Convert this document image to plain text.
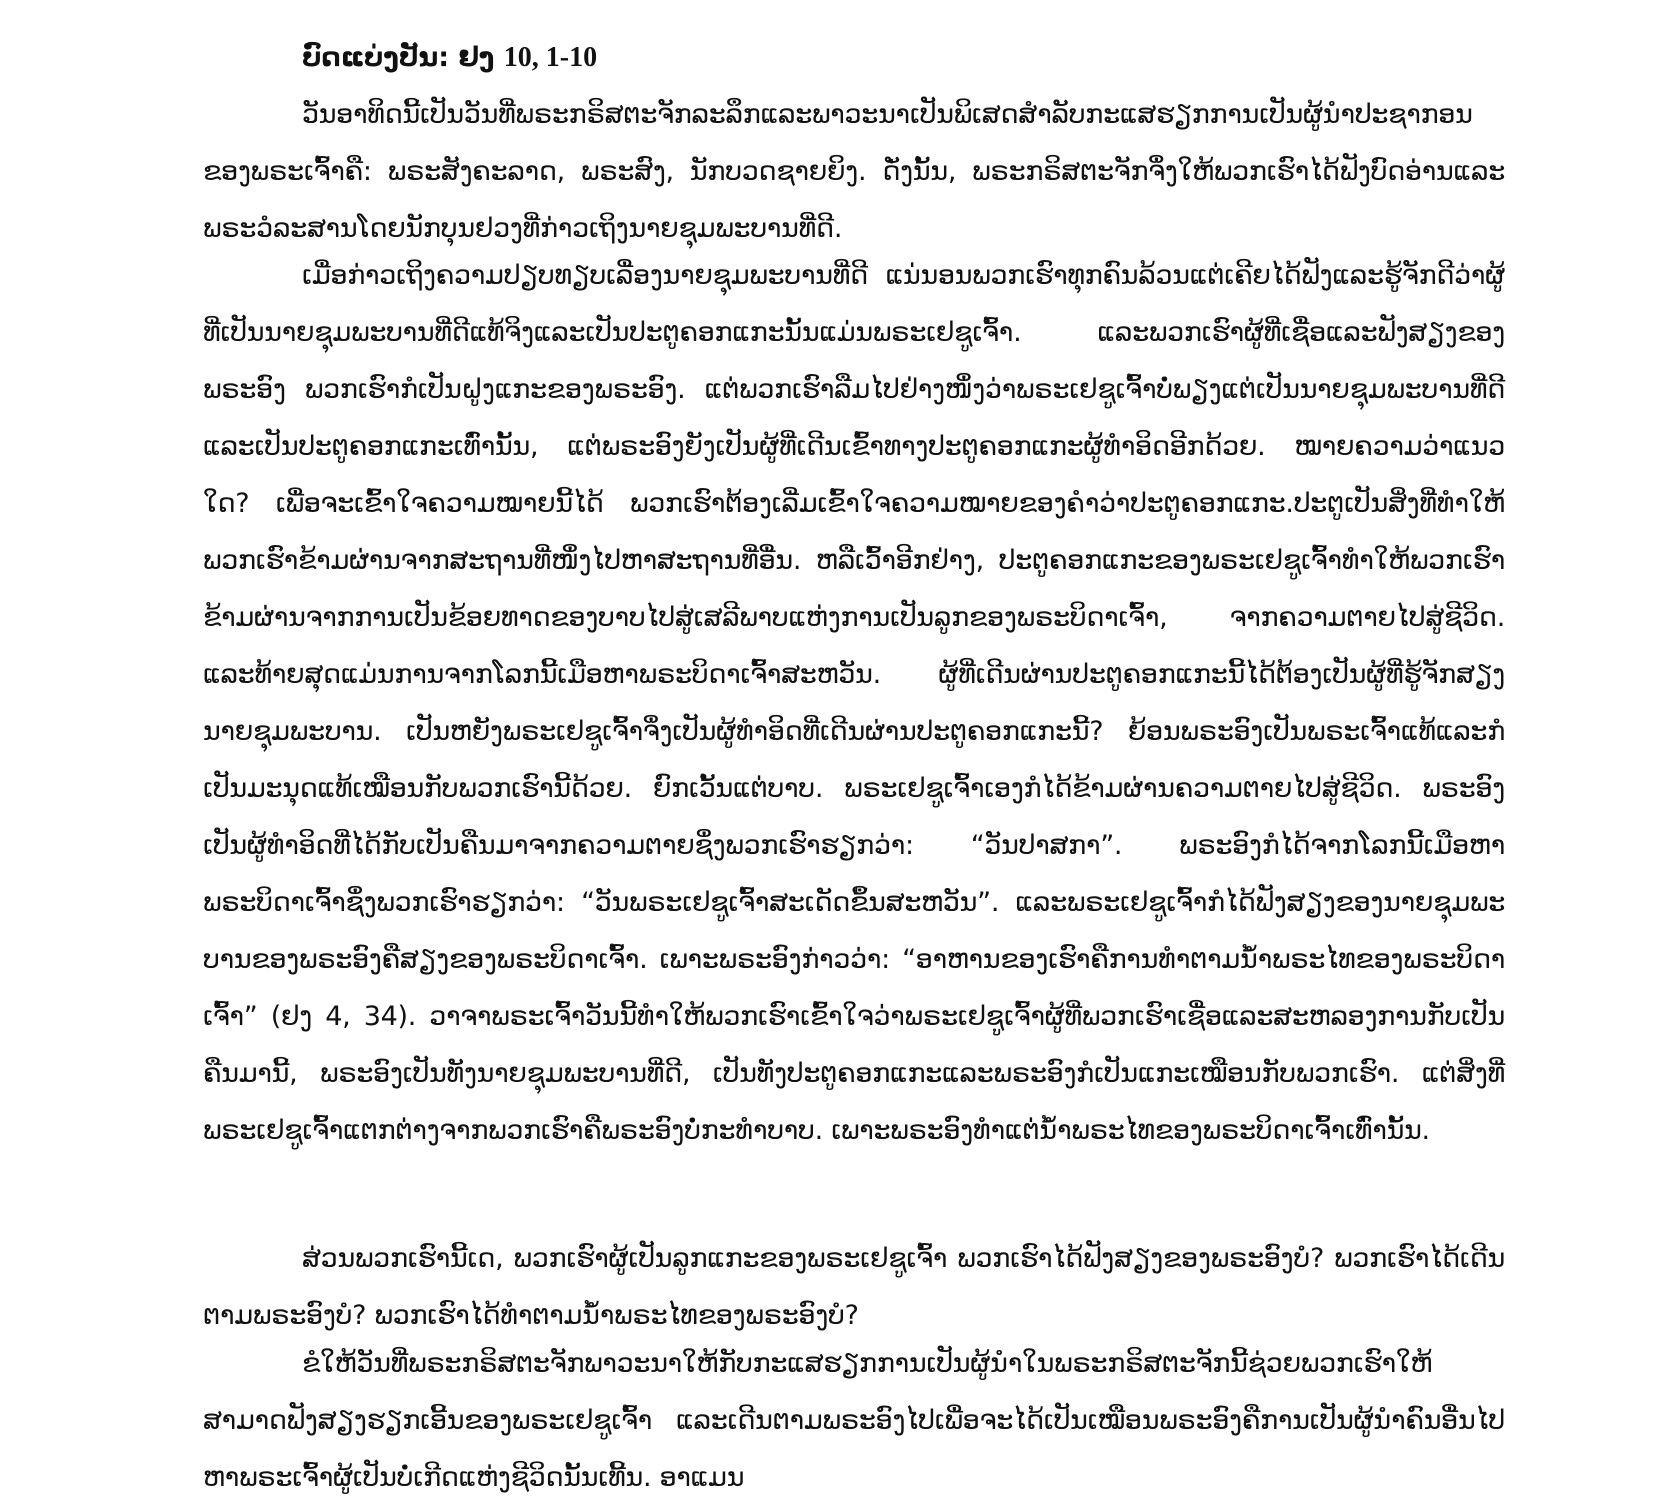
ບົດແບ່ງປັນ: ຢງ 10, 1-10

ວັນອາທິດນີ້ເປັນວັນທີ່ພຣະກຣິສຕະຈັກລະລຶກແລະພາວະນາເປັນພິເສດສຳລັບກະແສຮຽກການເປັນຜູ້ນຳປະຊາກອນຂອງພຣະເຈົ້າຄື: ພຣະສັງຄະລາດ, ພຣະສົງ, ນັກບວດຊາຍຍິງ. ດັ່ງນັ້ນ, ພຣະກຣິສຕະຈັກຈຶ່ງໃຫ້ພວກເຮົາໄດ້ຟັງບົດອ່ານແລະພຣະວໍລະສານໂດຍນັກບຸນຢວງທີ່ກ່າວເຖິງນາຍຊຸມພະບານທີ່ດີ.

ເມື່ອກ່າວເຖິງຄວາມປຽບທຽບເລື່ອງນາຍຊຸມພະບານທີ່ດີ ແນ່ນອນພວກເຮົາທຸກຄົນລ້ວນແຕ່ເຄີຍໄດ້ຟັງແລະຮູ້ຈັກດີວ່າຜູ້ທີ່ເປັນນາຍຊຸມພະບານທີ່ດີແທ້ຈິງແລະເປັນປະຕູຄອກແກະນັ້ນແມ່ນພຣະເຢຊູເຈົ້າ. ແລະພວກເຮົາຜູ້ທີ່ເຊື່ອແລະຟັງສຽງຂອງພຣະອົງ ພວກເຮົາກໍເປັນຝູງແກະຂອງພຣະອົງ. ແຕ່ພວກເຮົາລືມໄປຢ່າງໜຶ່ງວ່າພຣະເຢຊູເຈົ້າບໍ່ພຽງແຕ່ເປັນນາຍຊຸມພະບານທີ່ດີແລະເປັນປະຕູຄອກແກະເທົ່ານັ້ນ, ແຕ່ພຣະອົງຍັງເປັນຜູ້ທີ່ເດີນເຂົ້າທາງປະຕູຄອກແກະຜູ້ທຳອິດອີກດ້ວຍ. ໝາຍຄວາມວ່າແນວໃດ? ເພື່ອຈະເຂົ້າໃຈຄວາມໝາຍນີ້ໄດ້ ພວກເຮົາຕ້ອງເລີ່ມເຂົ້າໃຈຄວາມໝາຍຂອງຄຳວ່າປະຕູຄອກແກະ.ປະຕູເປັນສິ່ງທີ່ທຳໃຫ້ພວກເຮົາຂ້າມຜ່ານຈາກສະຖານທີ່ໜຶ່ງໄປຫາສະຖານທີ່ອື່ນ. ຫລືເວົ້າອີກຢ່າງ, ປະຕູຄອກແກະຂອງພຣະເຢຊູເຈົ້າທຳໃຫ້ພວກເຮົາຂ້າມຜ່ານຈາກການເປັນຂ້ອຍທາດຂອງບາບໄປສູ່ເສລີພາບແຫ່ງການເປັນລູກຂອງພຣະບິດາເຈົ້າ, ຈາກຄວາມຕາຍໄປສູ່ຊີວິດ. ແລະທ້າຍສຸດແມ່ນການຈາກໂລກນີ້ເມືອຫາພຣະບິດາເຈົ້າສະຫວັນ. ຜູ້ທີ່ເດີນຜ່ານປະຕູຄອກແກະນີ້ໄດ້ຕ້ອງເປັນຜູ້ທີ່ຮູ້ຈັກສຽງນາຍຊຸມພະບານ. ເປັນຫຍັງພຣະເຢຊູເຈົ້າຈຶ່ງເປັນຜູ້ທຳອິດທີ່ເດີນຜ່ານປະຕູຄອກແກະນີ້? ຍ້ອນພຣະອົງເປັນພຣະເຈົ້າແທ້ແລະກໍເປັນມະນຸດແທ້ເໝືອນກັບພວກເຮົານີ້ດ້ວຍ. ຍົກເວັ້ນແຕ່ບາບ. ພຣະເຢຊູເຈົ້າເອງກໍໄດ້ຂ້າມຜ່ານຄວາມຕາຍໄປສູ່ຊີວິດ. ພຣະອົງເປັນຜູ້ທຳອິດທີ່ໄດ້ກັບເປັນຄືນມາຈາກຄວາມຕາຍຊຶ່ງພວກເຮົາຮຽກວ່າ: “ວັນປາສກາ”. ພຣະອົງກໍໄດ້ຈາກໂລກນີ້ເມືອຫາພຣະບິດາເຈົ້າຊຶ່ງພວກເຮົາຮຽກວ່າ: “ວັນພຣະເຢຊູເຈົ້າສະເດັດຂຶ້ນສະຫວັນ”. ແລະພຣະເຢຊູເຈົ້າກໍໄດ້ຟັງສຽງຂອງນາຍຊຸມພະບານຂອງພຣະອົງຄືສຽງຂອງພຣະບິດາເຈົ້າ. ເພາະພຣະອົງກ່າວວ່າ: “ອາຫານຂອງເຮົາຄືການທຳຕາມນ້ຳພຣະໄທຂອງພຣະບິດາເຈົ້າ” (ຢງ 4, 34). ວາຈາພຣະເຈົ້າວັນນີ້ທຳໃຫ້ພວກເຮົາເຂົ້າໃຈວ່າພຣະເຢຊູເຈົ້າຜູ້ທີ່ພວກເຮົາເຊື່ອແລະສະຫລອງການກັບເປັນຄືນມານີ້, ພຣະອົງເປັນທັງນາຍຊຸມພະບານທີ່ດີ, ເປັນທັງປະຕູຄອກແກະແລະພຣະອົງກໍເປັນແກະເໝືອນກັບພວກເຮົາ. ແຕ່ສິ່ງທີ່ພຣະເຢຊູເຈົ້າແຕກຕ່າງຈາກພວກເຮົາຄືພຣະອົງບໍ່ກະທຳບາບ. ເພາະພຣະອົງທຳແຕ່ນ້ຳພຣະໄທຂອງພຣະບິດາເຈົ້າເທົ່ານັ້ນ.

ສ່ວນພວກເຮົານີ້ເດ, ພວກເຮົາຜູ້ເປັນລູກແກະຂອງພຣະເຢຊູເຈົ້າ ພວກເຮົາໄດ້ຟັງສຽງຂອງພຣະອົງບໍ? ພວກເຮົາໄດ້ເດີນຕາມພຣະອົງບໍ? ພວກເຮົາໄດ້ທຳຕາມນ້ຳພຣະໄທຂອງພຣະອົງບໍ?

ຂໍໃຫ້ວັນທີ່ພຣະກຣິສຕະຈັກພາວະນາໃຫ້ກັບກະແສຮຽກການເປັນຜູ້ນຳໃນພຣະກຣິສຕະຈັກນີ້ຊ່ວຍພວກເຮົາໃຫ້ສາມາດຟັງສຽງຮຽກເອີ້ນຂອງພຣະເຢຊູເຈົ້າ ແລະເດີນຕາມພຣະອົງໄປເພື່ອຈະໄດ້ເປັນເໝືອນພຣະອົງຄືການເປັນຜູ້ນຳຄົນອື່ນໄປຫາພຣະເຈົ້າຜູ້ເປັນບໍ່ເກີດແຫ່ງຊີວິດນັ້ນເທີ້ນ. ອາແມນ
